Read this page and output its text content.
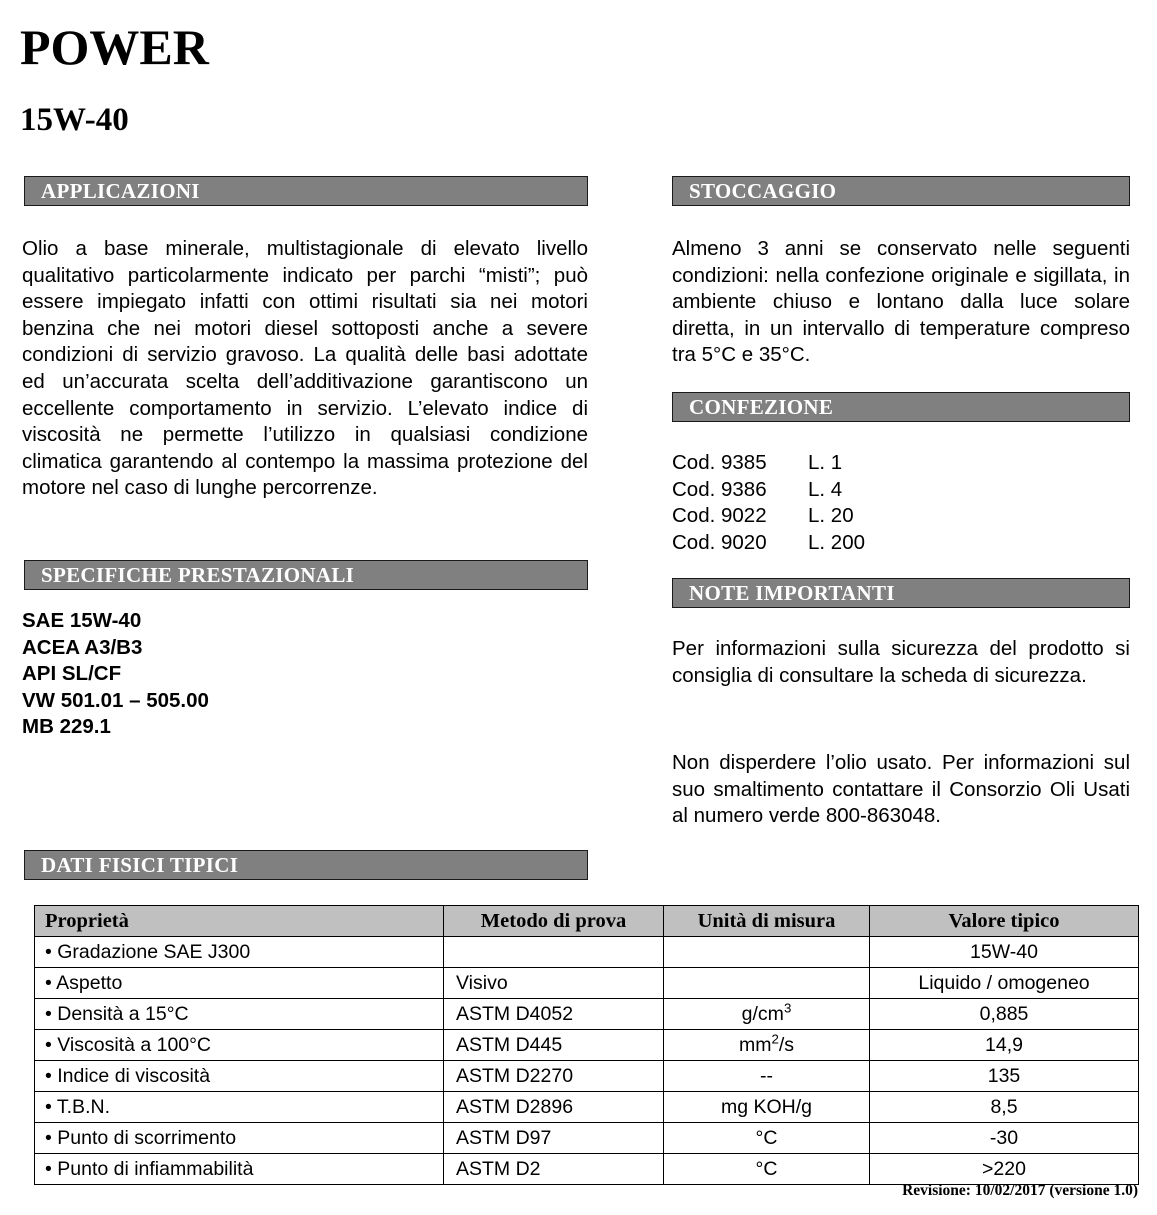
POWER
15W-40
APPLICAZIONI
Olio a base minerale, multistagionale di elevato livello qualitativo particolarmente indicato per parchi “misti”; può essere impiegato infatti con ottimi risultati sia nei motori benzina che nei motori diesel sottoposti anche a severe condizioni di servizio gravoso. La qualità delle basi adottate ed un’accurata scelta dell’additivazione garantiscono un eccellente comportamento in servizio. L’elevato indice di viscosità ne permette l’utilizzo in qualsiasi condizione climatica garantendo al contempo la massima protezione del motore nel caso di lunghe percorrenze.
SPECIFICHE PRESTAZIONALI
SAE 15W-40
ACEA A3/B3
API SL/CF
VW 501.01 – 505.00
MB 229.1
STOCCAGGIO
Almeno 3 anni se conservato nelle seguenti condizioni: nella confezione originale e sigillata, in ambiente chiuso e lontano dalla luce solare diretta, in un intervallo di temperature compreso tra 5°C e 35°C.
CONFEZIONE
Cod. 9385	L. 1
Cod. 9386	L. 4
Cod. 9022	L. 20
Cod. 9020	L. 200
NOTE IMPORTANTI
Per informazioni sulla sicurezza del prodotto si consiglia di consultare la scheda di sicurezza.
Non disperdere l’olio usato. Per informazioni sul suo smaltimento contattare il Consorzio Oli Usati al numero verde 800-863048.
DATI FISICI TIPICI
Proprietà	Metodo di prova	Unità di misura	Valore tipico
• Gradazione SAE J300			15W-40
• Aspetto	Visivo		Liquido / omogeneo
• Densità a 15°C	ASTM D4052	$g/cm^3$	0,885
• Viscosità a 100°C	ASTM D445	$mm^2/s$	14,9
• Indice di viscosità	ASTM D2270	--	135
• T.B.N.	ASTM D2896	mg KOH/g	8,5
• Punto di scorrimento	ASTM D97	°C	-30
• Punto di infiammabilità	ASTM D2	°C	>220
Revisione: 10/02/2017 (versione 1.0)
